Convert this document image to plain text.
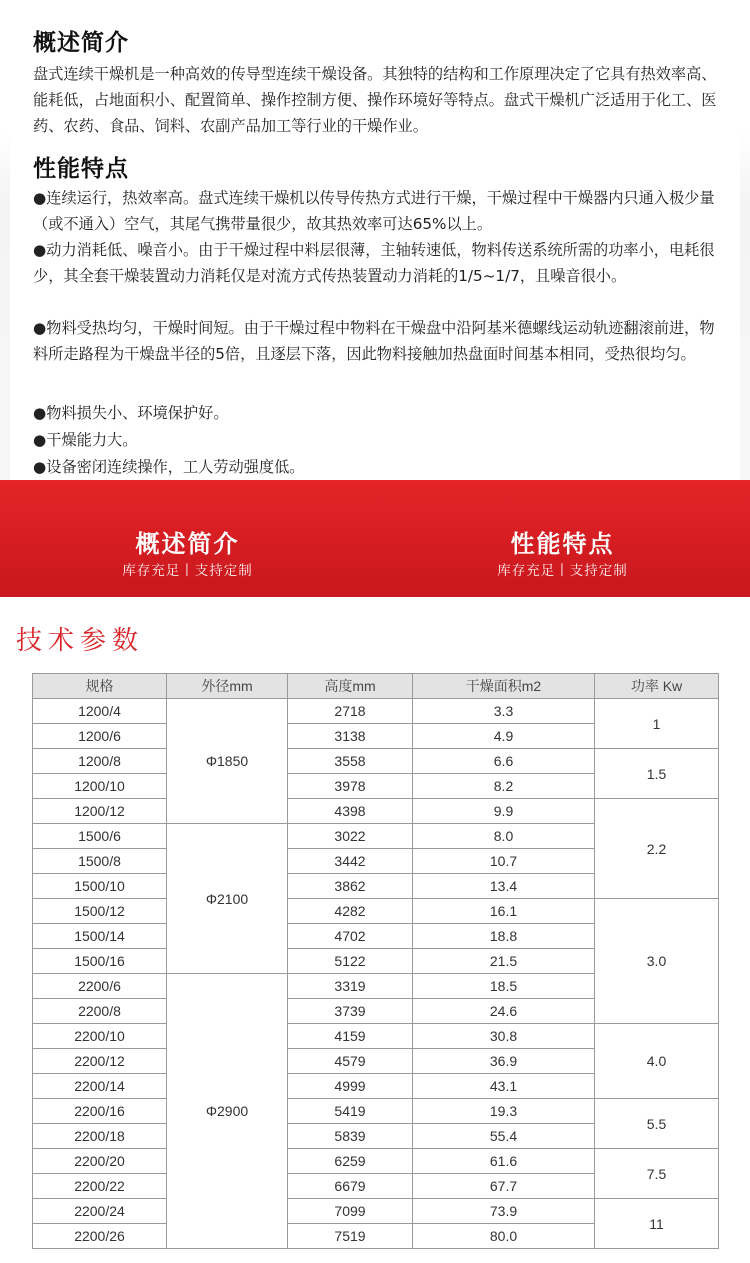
概述简介

盘式连续干燥机是一种高效的传导型连续干燥设备。其独特的结构和工作原理决定了它具有热效率高、能耗低，占地面积小、配置简单、操作控制方便、操作环境好等特点。盘式干燥机广泛适用于化工、医药、农药、食品、饲料、农副产品加工等行业的干燥作业。

性能特点

●连续运行，热效率高。盘式连续干燥机以传导传热方式进行干燥，干燥过程中干燥器内只通入极少量（或不通入）空气，其尾气携带量很少，故其热效率可达65%以上。

●动力消耗低、噪音小。由于干燥过程中料层很薄，主轴转速低，物料传送系统所需的功率小，电耗很少，其全套干燥装置动力消耗仅是对流方式传热装置动力消耗的1/5~1/7，且噪音很小。

●物料受热均匀，干燥时间短。由于干燥过程中物料在干燥盘中沿阿基米德螺线运动轨迹翻滚前进，物料所走路程为干燥盘半径的5倍，且逐层下落，因此物料接触加热盘面时间基本相同，受热很均匀。

●物料损失小、环境保护好。

●干燥能力大。

●设备密闭连续操作，工人劳动强度低。

概述简介
库存充足丨支持定制
性能特点
库存充足丨支持定制
技术参数
规格	外径mm	高度mm	干燥面积m2	功率 Kw
1200/4	Φ1850	2718	3.3	1
1200/6		3138	4.9	
1200/8		3558	6.6	1.5
1200/10		3978	8.2	
1200/12		4398	9.9	2.2
1500/6	Φ2100	3022	8.0	
1500/8		3442	10.7	
1500/10		3862	13.4	
1500/12		4282	16.1	3.0
1500/14		4702	18.8	
1500/16		5122	21.5	
2200/6	Φ2900	3319	18.5	
2200/8		3739	24.6	
2200/10		4159	30.8	4.0
2200/12		4579	36.9	
2200/14		4999	43.1	
2200/16		5419	19.3	5.5
2200/18		5839	55.4	
2200/20		6259	61.6	7.5
2200/22		6679	67.7	
2200/24		7099	73.9	11
2200/26		7519	80.0	
